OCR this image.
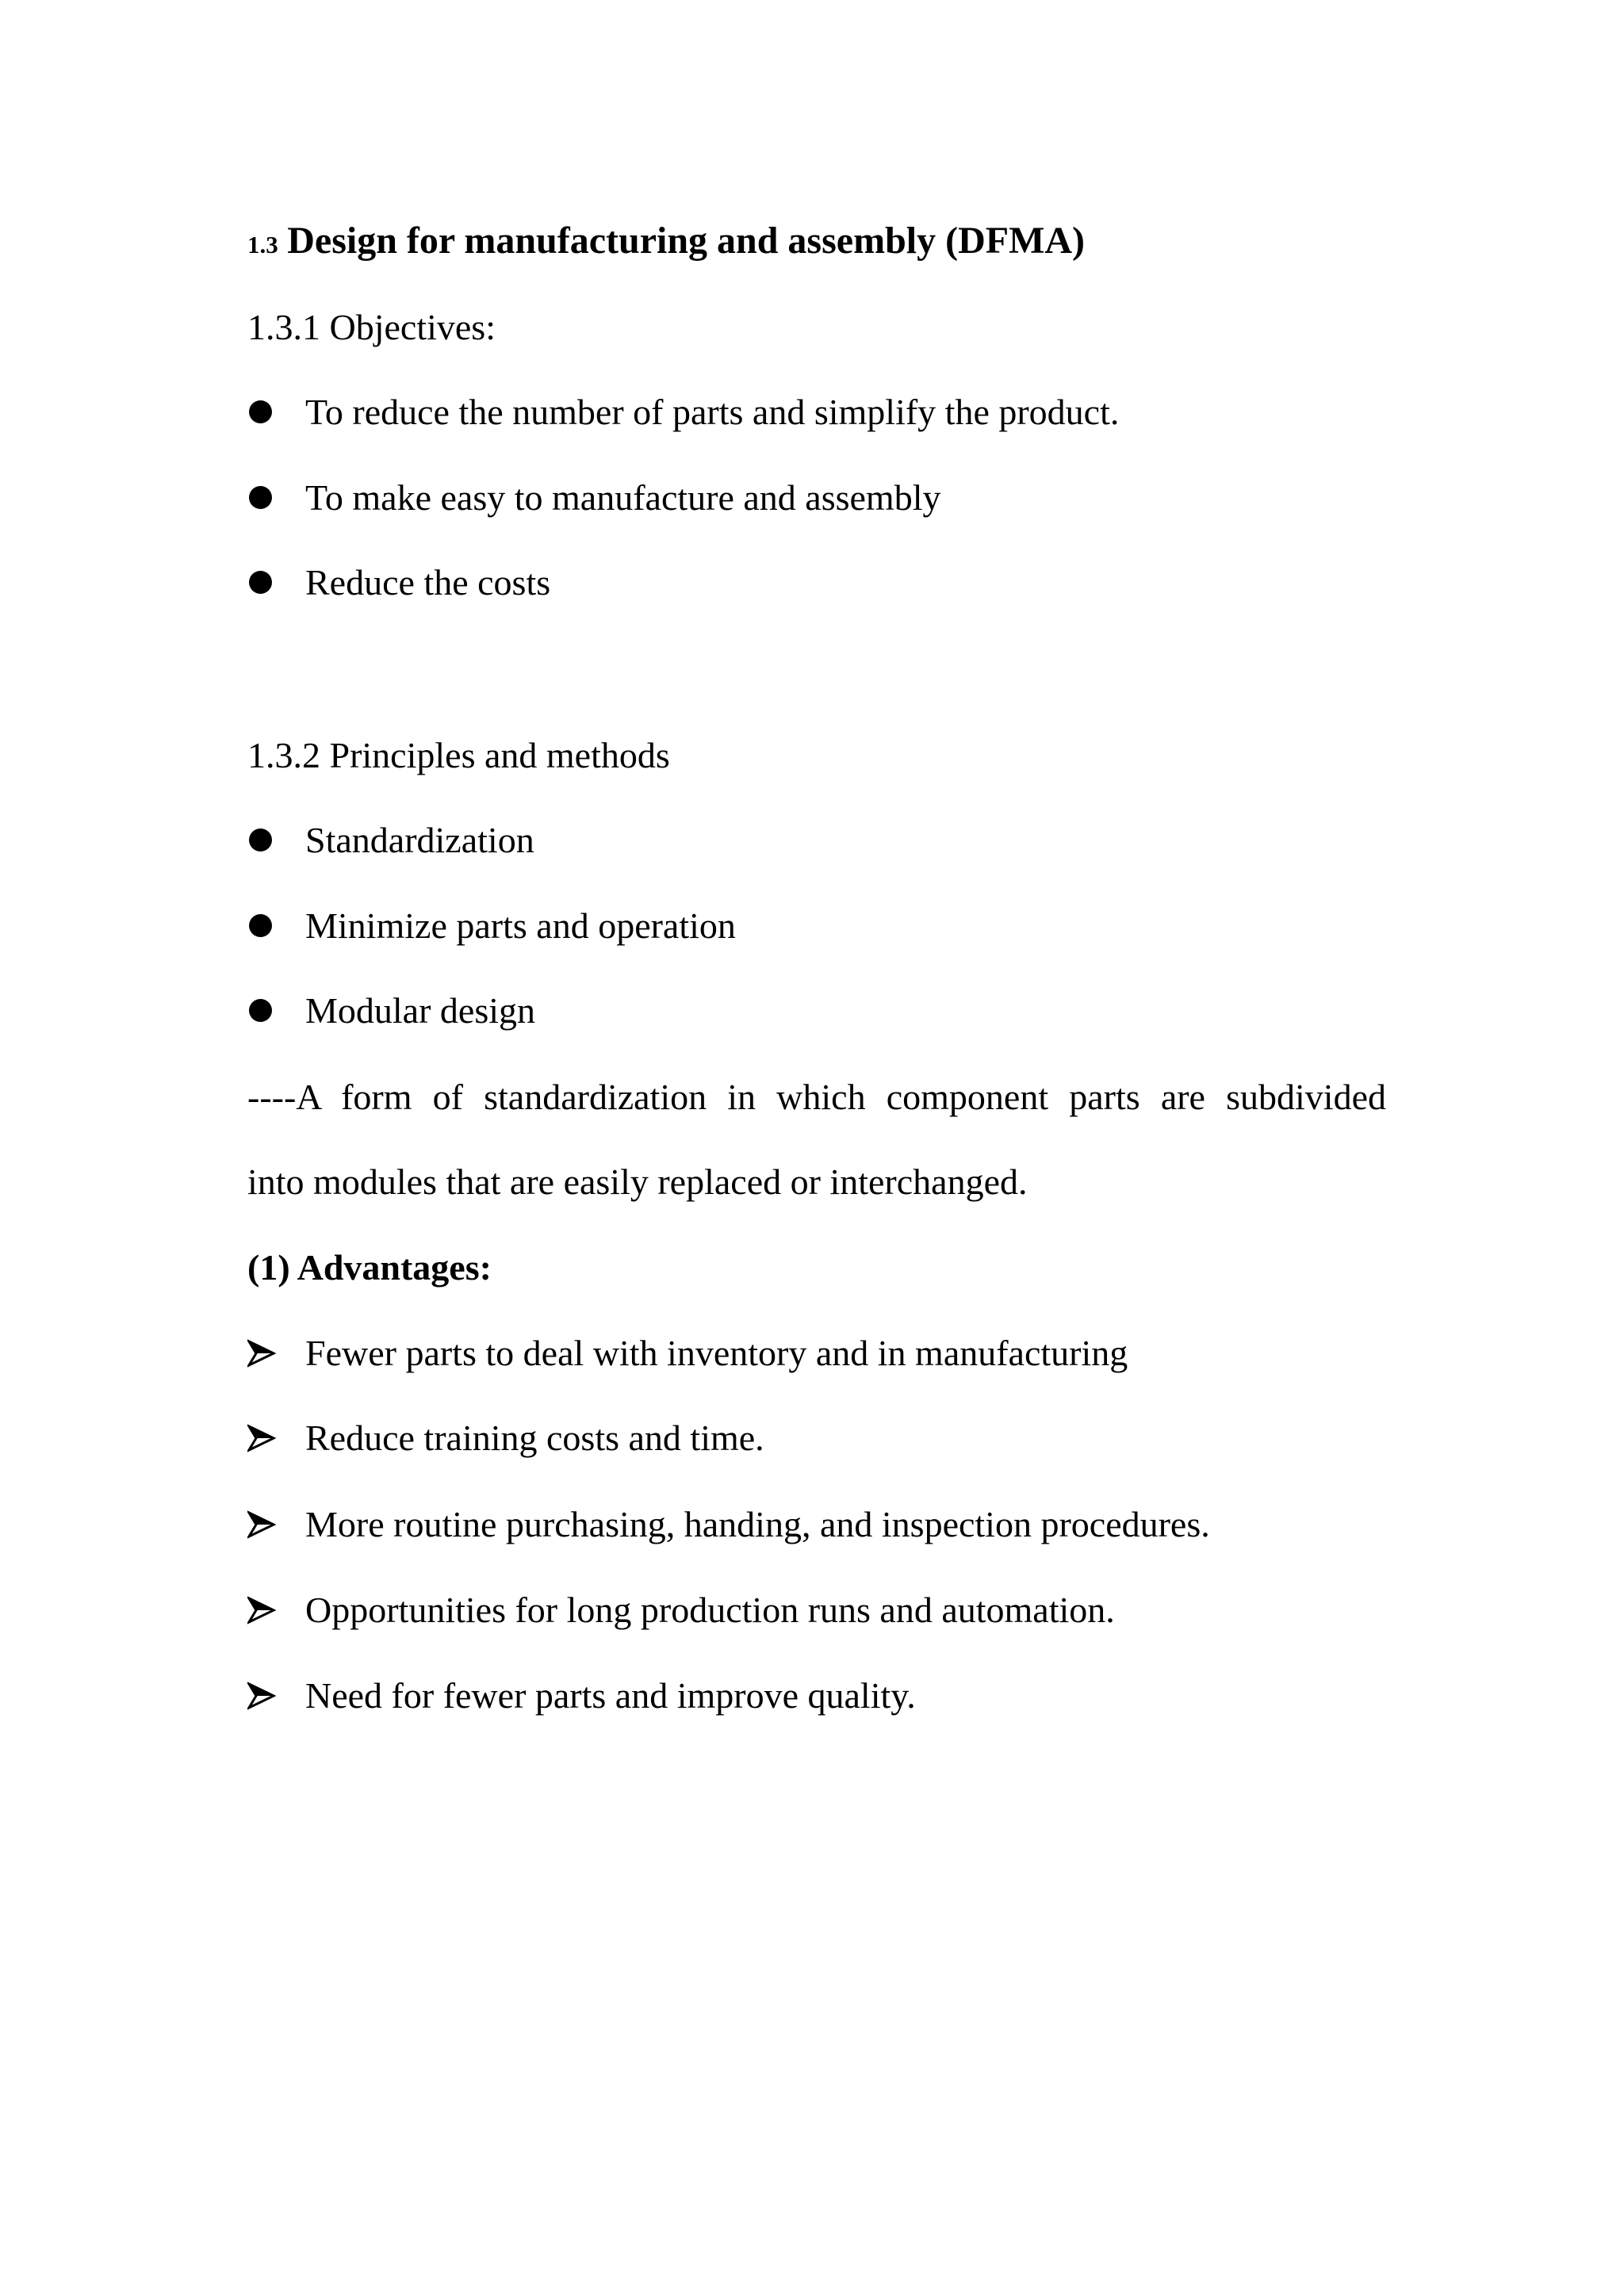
1.3 Design for manufacturing and assembly (DFMA)
1.3.1 Objectives:
To reduce the number of parts and simplify the product.
To make easy to manufacture and assembly
Reduce the costs
1.3.2 Principles and methods
Standardization
Minimize parts and operation
Modular design
----A form of standardization in which component parts are subdivided
into modules that are easily replaced or interchanged.
(1) Advantages:
Fewer parts to deal with inventory and in manufacturing
Reduce training costs and time.
More routine purchasing, handing, and inspection procedures.
Opportunities for long production runs and automation.
Need for fewer parts and improve quality.
